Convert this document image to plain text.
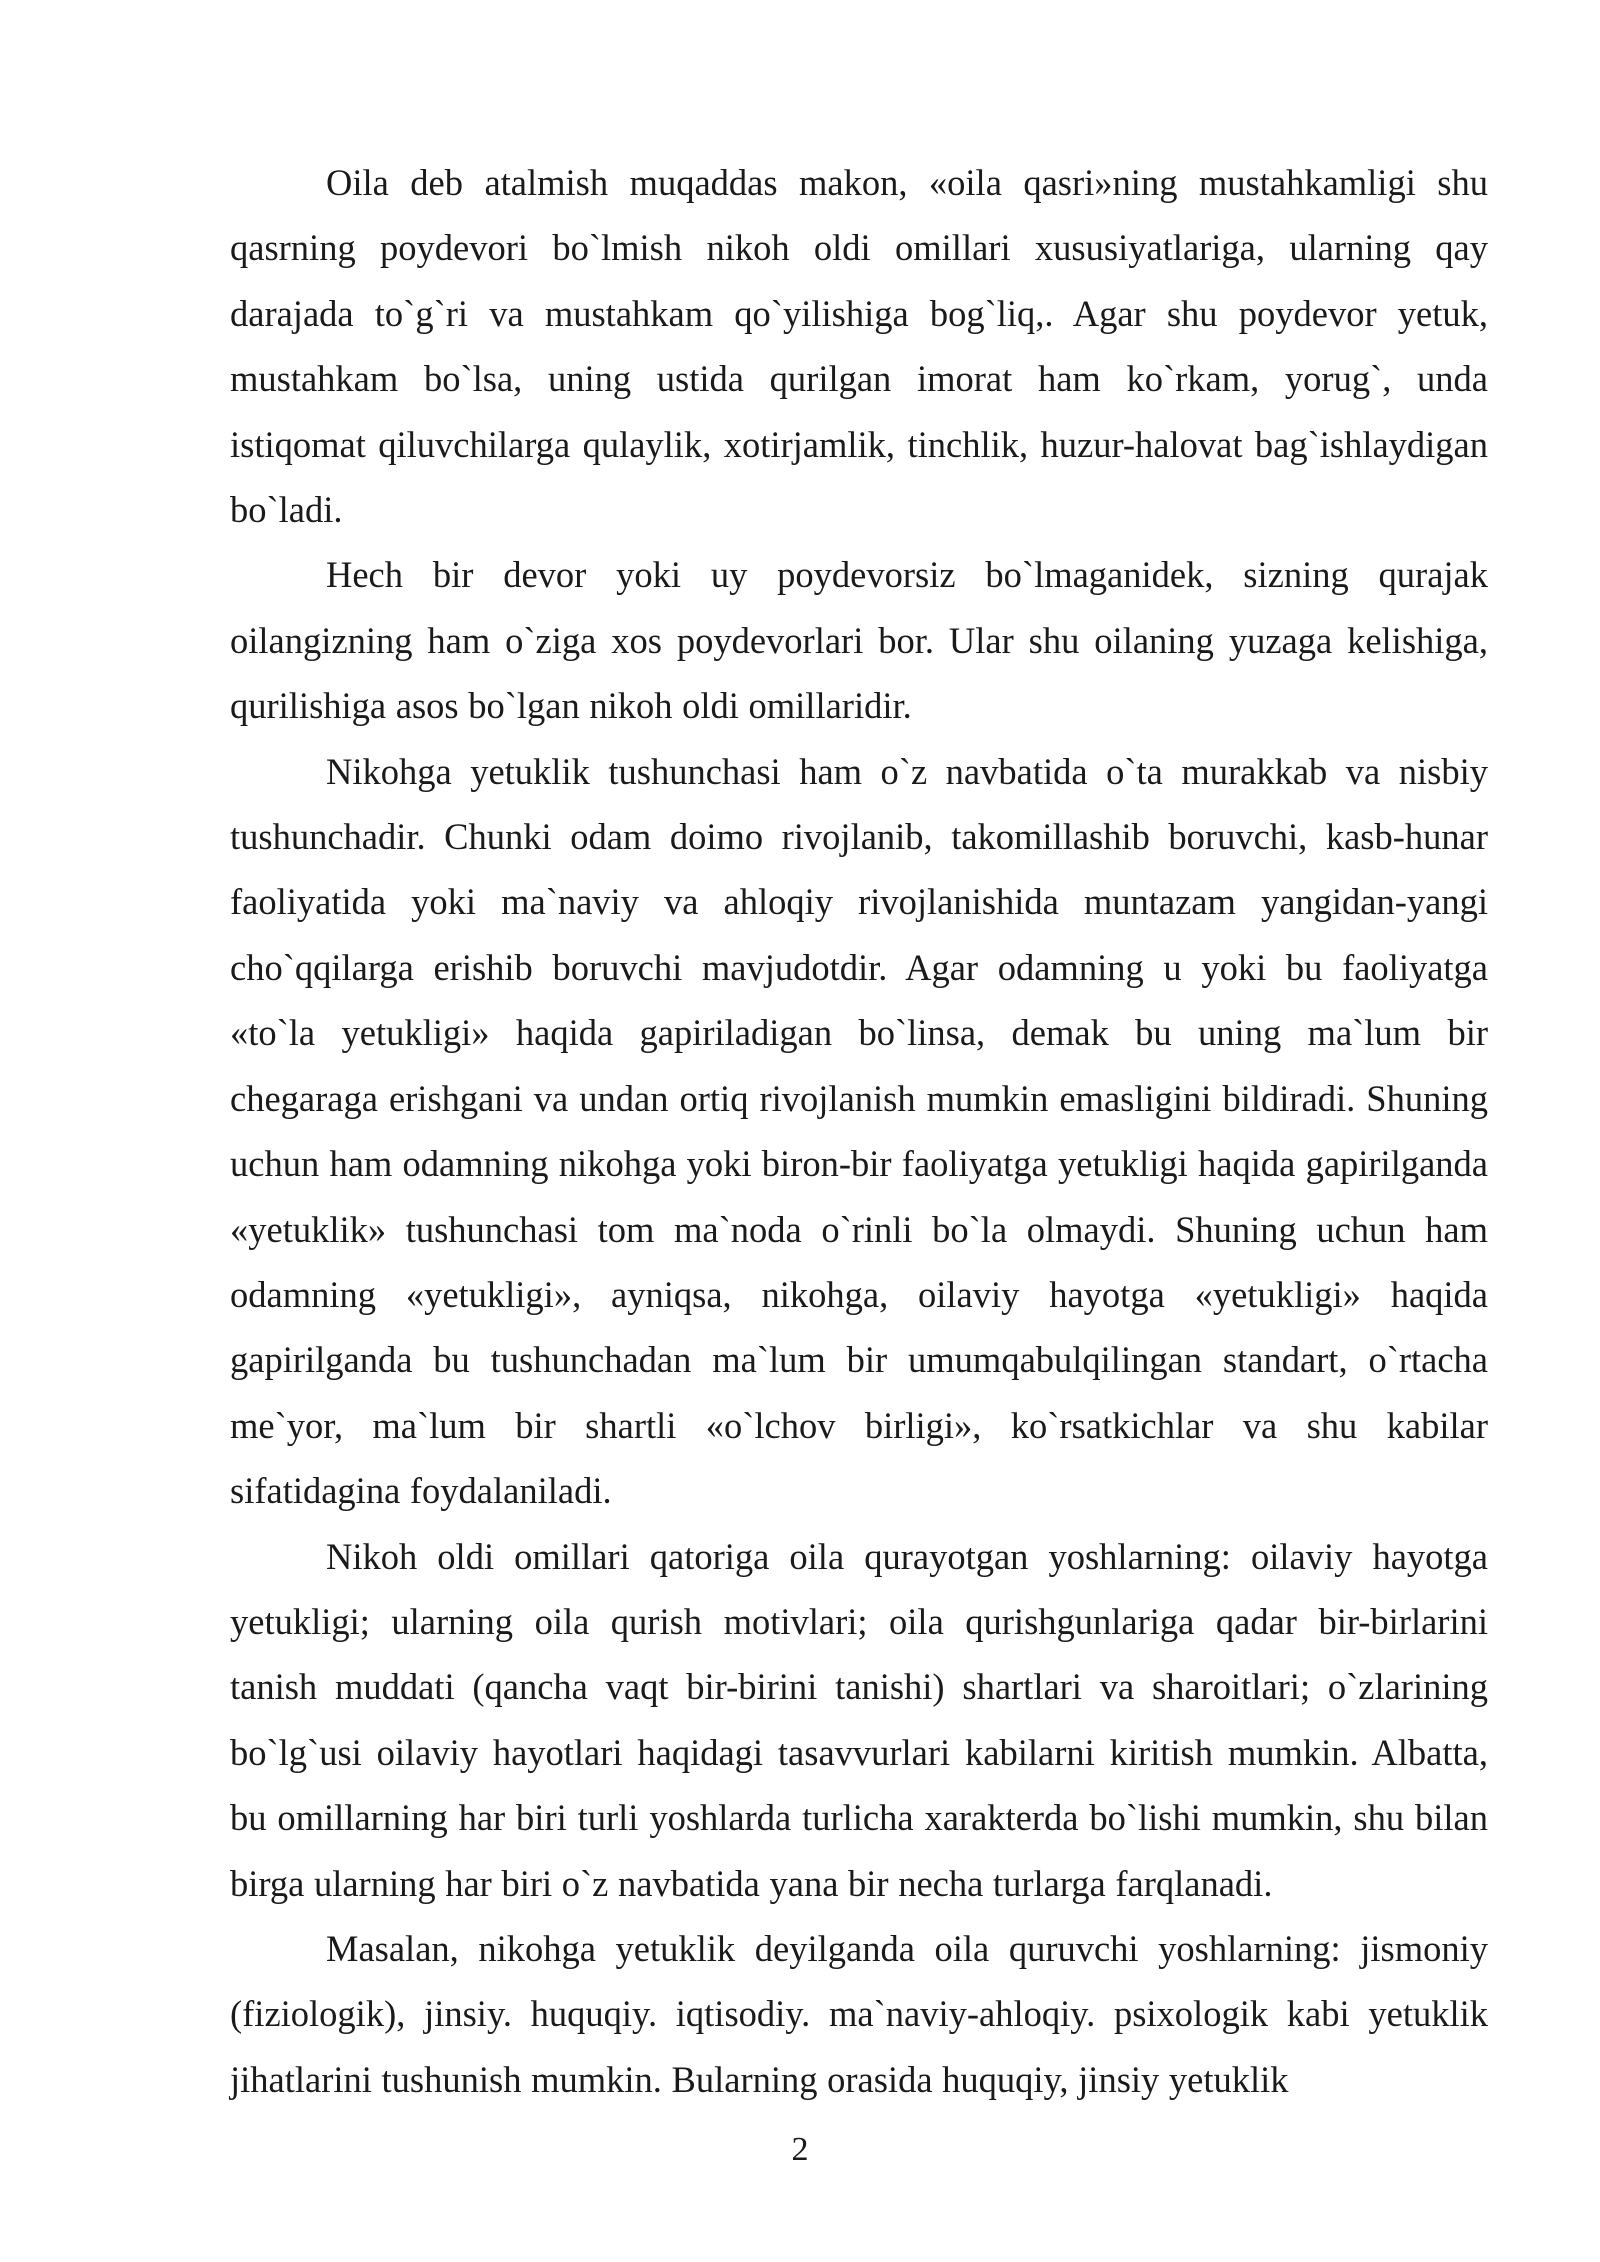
Oila deb atalmish muqaddas makon, «oila qasri»ning mustahkamligi shu qasrning poydevori bo`lmish nikoh oldi omillari xususiyatlariga, ularning qay darajada to`g`ri va mustahkam qo`yilishiga bog`liq,. Agar shu poydevor yetuk, mustahkam bo`lsa, uning ustida qurilgan imorat ham ko`rkam, yorug`, unda istiqomat qiluvchilarga qulaylik, xotirjamlik, tinchlik, huzur-halovat bag`ishlaydigan bo`ladi.

Hech bir devor yoki uy poydevorsiz bo`lmaganidek, sizning qurajak oilangizning ham o`ziga xos poydevorlari bor. Ular shu oilaning yuzaga kelishiga, qurilishiga asos bo`lgan nikoh oldi omillaridir.

Nikohga yetuklik tushunchasi ham o`z navbatida o`ta murakkab va nisbiy tushunchadir. Chunki odam doimo rivojlanib, takomillashib boruvchi, kasb-hunar faoliyatida yoki ma`naviy va ahloqiy rivojlanishida muntazam yangidan-yangi cho`qqilarga erishib boruvchi mavjudotdir. Agar odamning u yoki bu faoliyatga «to`la yetukligi» haqida gapiriladigan bo`linsa, demak bu uning ma`lum bir chegaraga erishgani va undan ortiq rivojlanish mumkin emasligini bildiradi. Shuning uchun ham odamning nikohga yoki biron-bir faoliyatga yetukligi haqida gapirilganda «yetuklik» tushunchasi tom ma`noda o`rinli bo`la olmaydi. Shuning uchun ham odamning «yetukligi», ayniqsa, nikohga, oilaviy hayotga «yetukligi» haqida gapirilganda bu tushunchadan ma`lum bir umumqabulqilingan standart, o`rtacha me`yor, ma`lum bir shartli «o`lchov birligi», ko`rsatkichlar va shu kabilar sifatidagina foydalaniladi.

Nikoh oldi omillari qatoriga oila qurayotgan yoshlarning: oilaviy hayotga yetukligi; ularning oila qurish motivlari; oila qurishgunlariga qadar bir-birlarini tanish muddati (qancha vaqt bir-birini tanishi) shartlari va sharoitlari; o`zlarining bo`lg`usi oilaviy hayotlari haqidagi tasavvurlari kabilarni kiritish mumkin. Albatta, bu omillarning har biri turli yoshlarda turlicha xarakterda bo`lishi mumkin, shu bilan birga ularning har biri o`z navbatida yana bir necha turlarga farqlanadi.

Masalan, nikohga yetuklik deyilganda oila quruvchi yoshlarning: jismoniy (fiziologik), jinsiy. huquqiy. iqtisodiy. ma`naviy-ahloqiy. psixologik kabi yetuklik jihatlarini tushunish mumkin. Bularning orasida huquqiy, jinsiy yetuklik

2
